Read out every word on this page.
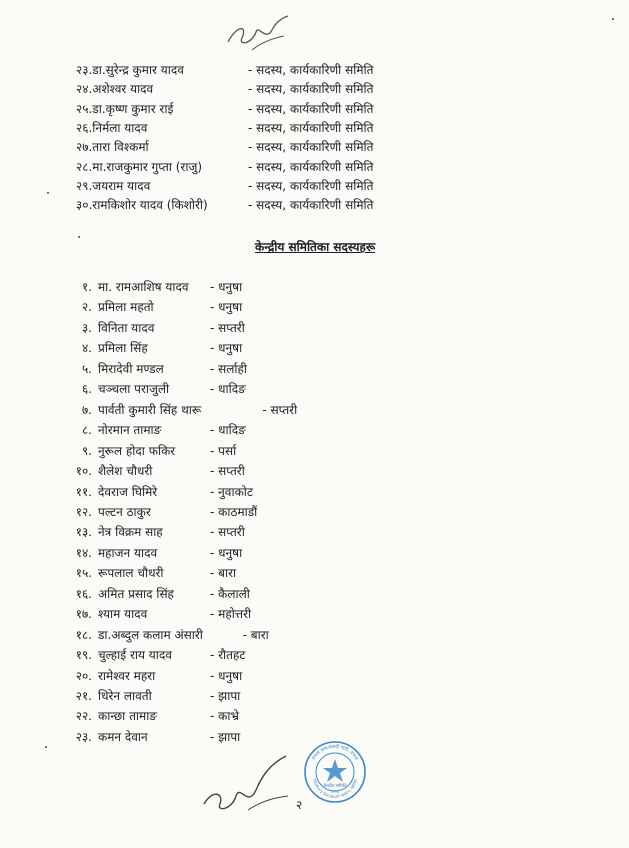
२३.डा.सुरेन्द्र कुमार यादव	- सदस्य, कार्यकारिणी समिति
२४.अशेश्वर यादव	- सदस्य, कार्यकारिणी समिति
२५.डा.कृष्ण कुमार राई	- सदस्य, कार्यकारिणी समिति
२६.निर्मला यादव	- सदस्य, कार्यकारिणी समिति
२७.तारा विश्‍कर्मा	- सदस्य, कार्यकारिणी समिति
२८.मा.राजकुमार गुप्ता (राजु)	- सदस्य, कार्यकारिणी समिति
२९.जयराम यादव	- सदस्य, कार्यकारिणी समिति
३०.रामकिशोर यादव (किशोरी)	- सदस्य, कार्यकारिणी समिति
केन्द्रीय समितिका सदस्यहरू
१. मा. रामआशिष यादव - धनुषा
२. प्रमिला महतो	- धनुषा
३. विनिता यादव	- सप्तरी
४. प्रमिला सिंह	- धनुषा
५. मिरादेवी मण्डल	- सर्लाही
६. चञ्चला पराजुली	- धादिङ
७. पार्वती कुमारी सिंह थारू	- सप्तरी
८. नोरमान तामाङ	- धादिङ
९. नुरूल होदा फकिर	- पर्सा
१०. शैलेश चौधरी	- सप्तरी
११. देवराज घिमिरे	- नुवाकोट
१२. पल्टन ठाकुर	- काठमाडौं
१३. नेत्र विक्रम साह	- सप्तरी
१४. महाजन यादव	- धनुषा
१५. रूपलाल चौधरी	- बारा
१६. अमित प्रसाद सिंह	- कैलाली
१७. श्याम यादव	- महोत्तरी
१८. डा.अब्दुल कलाम अंसारी	- बारा
१९. चुल्हाई राय यादव	- रौतहट
२०. रामेश्वर महरा	- धनुषा
२१. धिरेन लावती	- झापा
२२. कान्छा तामाङ	- काभ्रे
२३. कमन देवान	- झापा
२
केन्द्रीय समिति
२००६
जनता समाजवादी पार्टी, नेपाल
PEOPLE'S SOCIALIST PARTY, NEPAL
